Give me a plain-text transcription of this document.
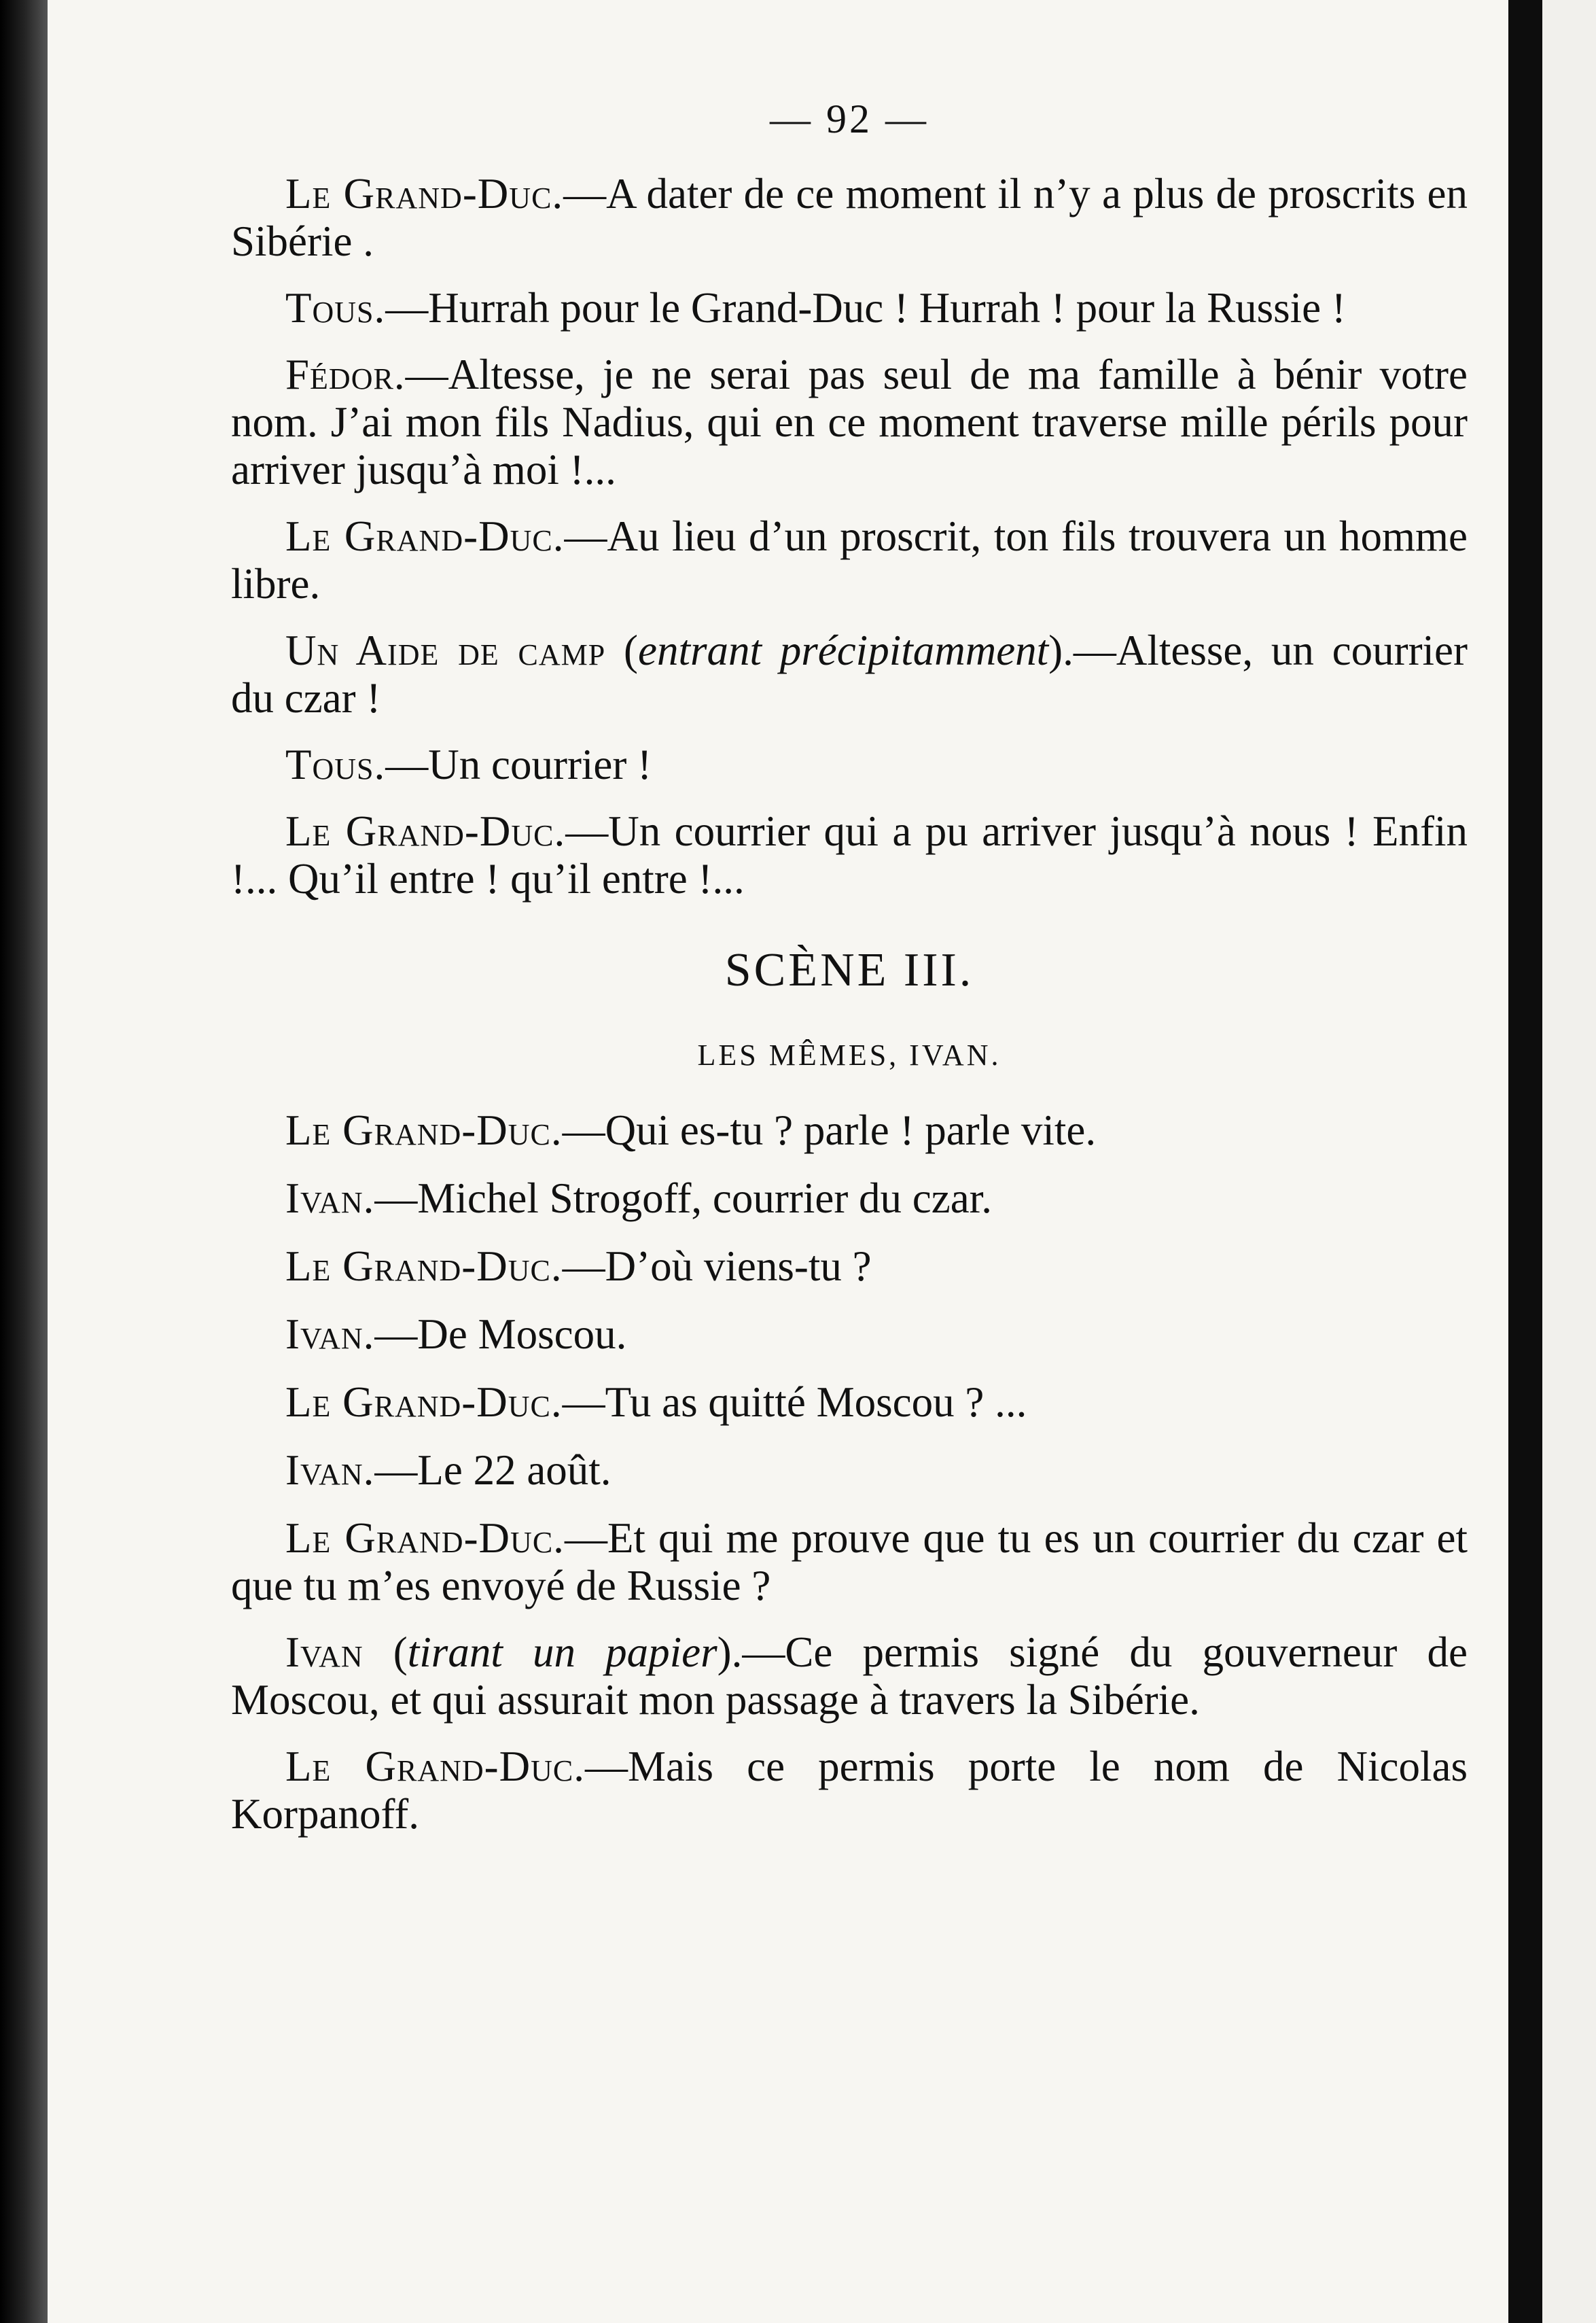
— 92 —

Le Grand-Duc.—A dater de ce moment il n’y a plus de proscrits en Sibérie .

Tous.—Hurrah pour le Grand-Duc ! Hurrah ! pour la Russie !

Fédor.—Altesse, je ne serai pas seul de ma famille à bénir votre nom. J’ai mon fils Nadius, qui en ce moment traverse mille périls pour arriver jusqu’à moi !...

Le Grand-Duc.—Au lieu d’un proscrit, ton fils trouvera un homme libre.

Un Aide de camp (entrant précipitamment).—Altesse, un courrier du czar !

Tous.—Un courrier !

Le Grand-Duc.—Un courrier qui a pu arriver jusqu’à nous ! Enfin !... Qu’il entre ! qu’il entre !...

SCÈNE III.
LES MÊMES, IVAN.

Le Grand-Duc.—Qui es-tu ? parle ! parle vite.

Ivan.—Michel Strogoff, courrier du czar.

Le Grand-Duc.—D’où viens-tu ?

Ivan.—De Moscou.

Le Grand-Duc.—Tu as quitté Moscou ? ...

Ivan.—Le 22 août.

Le Grand-Duc.—Et qui me prouve que tu es un courrier du czar et que tu m’es envoyé de Russie ?

Ivan (tirant un papier).—Ce permis signé du gouverneur de Moscou, et qui assurait mon passage à travers la Sibérie.

Le Grand-Duc.—Mais ce permis porte le nom de Nicolas Korpanoff.
